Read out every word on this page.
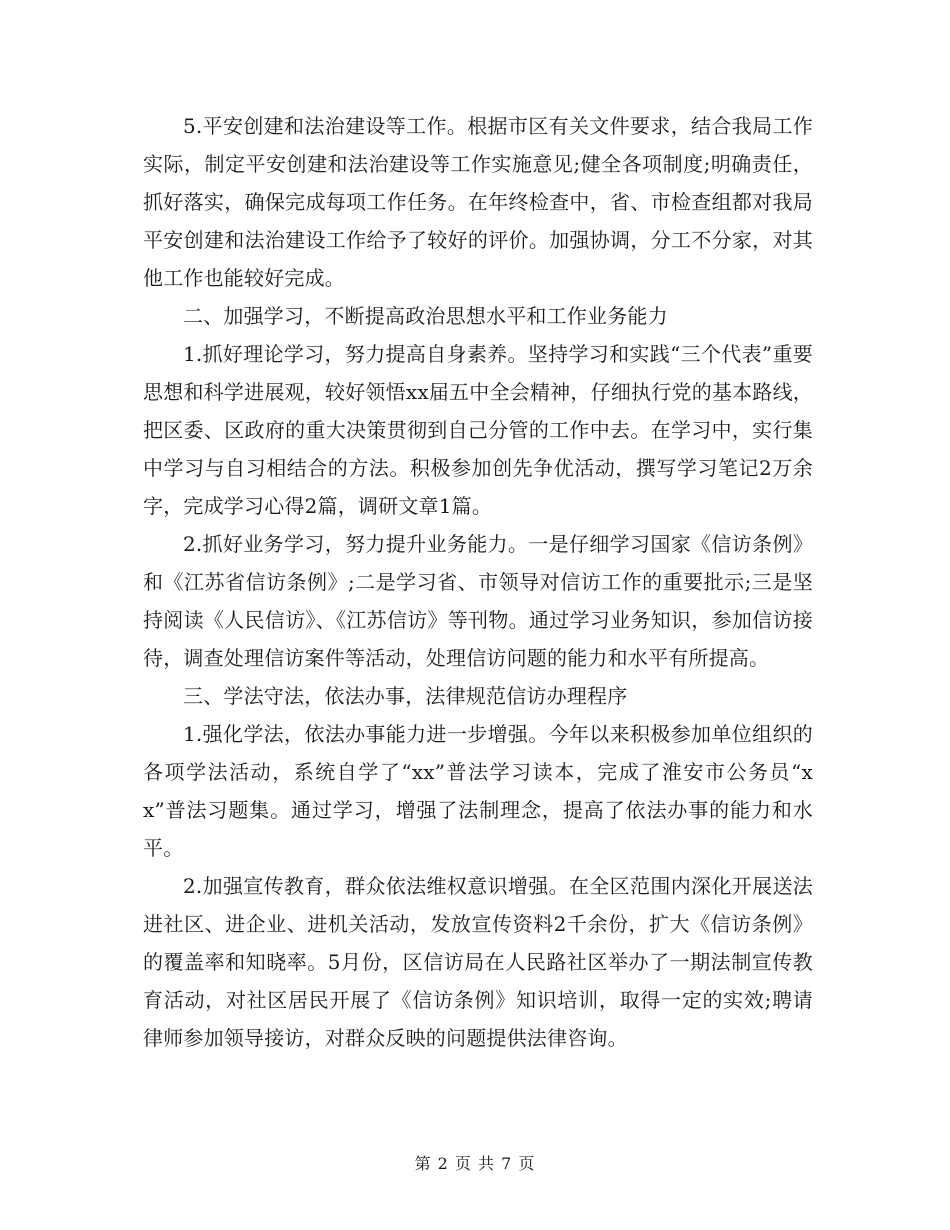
5.平安创建和法治建设等工作。根据市区有关文件要求，结合我局工作实际，制定平安创建和法治建设等工作实施意见;健全各项制度;明确责任，抓好落实，确保完成每项工作任务。在年终检查中，省、市检查组都对我局平安创建和法治建设工作给予了较好的评价。加强协调，分工不分家，对其他工作也能较好完成。

二、加强学习，不断提高政治思想水平和工作业务能力

1.抓好理论学习，努力提高自身素养。坚持学习和实践“三个代表”重要思想和科学进展观，较好领悟xx届五中全会精神，仔细执行党的基本路线，把区委、区政府的重大决策贯彻到自己分管的工作中去。在学习中，实行集中学习与自习相结合的方法。积极参加创先争优活动，撰写学习笔记2万余字，完成学习心得2篇，调研文章1篇。

2.抓好业务学习，努力提升业务能力。一是仔细学习国家《信访条例》和《江苏省信访条例》;二是学习省、市领导对信访工作的重要批示;三是坚持阅读《人民信访》、《江苏信访》等刊物。通过学习业务知识，参加信访接待，调查处理信访案件等活动，处理信访问题的能力和水平有所提高。

三、学法守法，依法办事，法律规范信访办理程序

1.强化学法，依法办事能力进一步增强。今年以来积极参加单位组织的各项学法活动，系统自学了“xx”普法学习读本，完成了淮安市公务员“xx”普法习题集。通过学习，增强了法制理念，提高了依法办事的能力和水平。

2.加强宣传教育，群众依法维权意识增强。在全区范围内深化开展送法进社区、进企业、进机关活动，发放宣传资料2千余份，扩大《信访条例》的覆盖率和知晓率。5月份，区信访局在人民路社区举办了一期法制宣传教育活动，对社区居民开展了《信访条例》知识培训，取得一定的实效;聘请律师参加领导接访，对群众反映的问题提供法律咨询。

第 2 页 共 7 页
